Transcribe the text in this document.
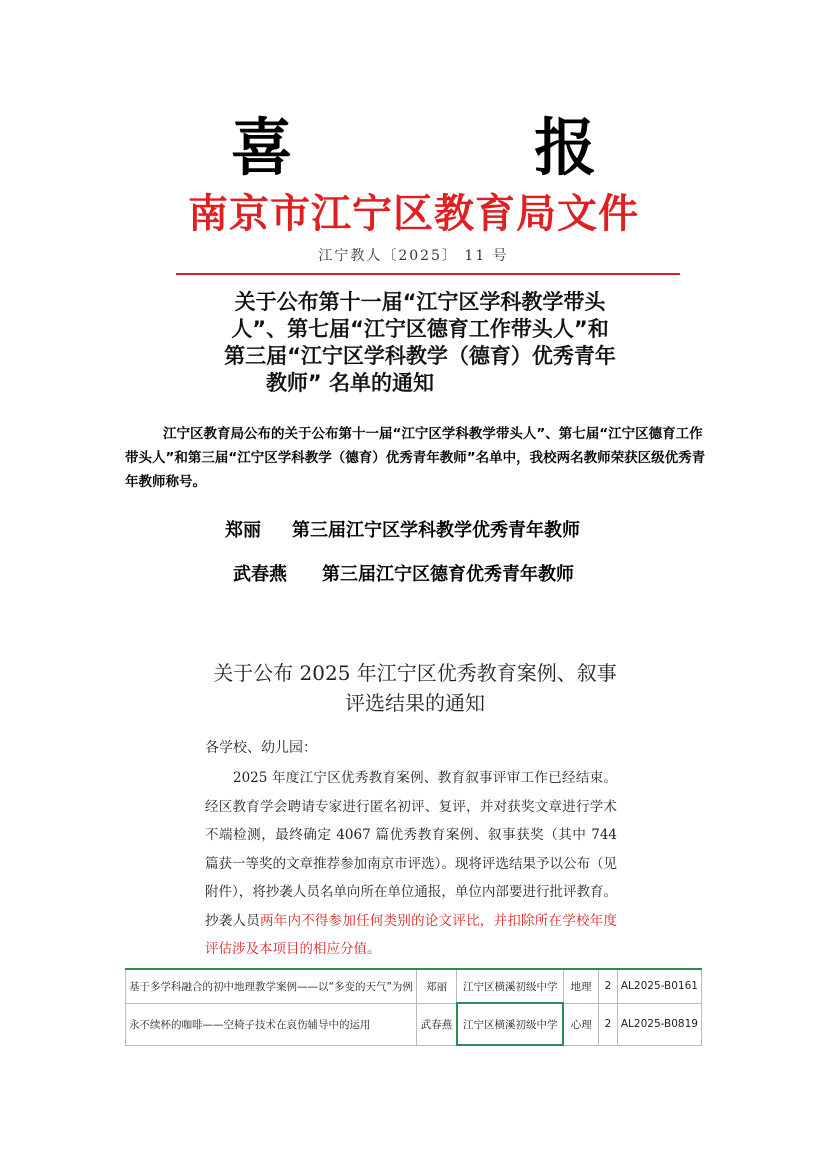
喜 报
南京市江宁区教育局文件
江宁教人〔2025〕 11 号
关于公布第十一届“江宁区学科教学带头
人”、第七届“江宁区德育工作带头人”和
第三届“江宁区学科教学（德育）优秀青年
教师” 名单的通知
江宁区教育局公布的关于公布第十一届“江宁区学科教学带头人”、第七届“江宁区德育工作带头人”和第三届“江宁区学科教学（德育）优秀青年教师”名单中，我校两名教师荣获区级优秀青年教师称号。
郑丽 第三届江宁区学科教学优秀青年教师
武春燕 第三届江宁区德育优秀青年教师
关于公布 2025 年江宁区优秀教育案例、叙事
评选结果的通知
各学校、幼儿园：
2025 年度江宁区优秀教育案例、教育叙事评审工作已经结束。经区教育学会聘请专家进行匿名初评、复评，并对获奖文章进行学术不端检测，最终确定 4067 篇优秀教育案例、叙事获奖（其中 744 篇获一等奖的文章推荐参加南京市评选）。现将评选结果予以公布（见附件），将抄袭人员名单向所在单位通报，单位内部要进行批评教育。抄袭人员两年内不得参加任何类别的论文评比，并扣除所在学校年度评估涉及本项目的相应分值。
基于多学科融合的初中地理教学案例——以“多变的天气”为例	郑丽	江宁区横溪初级中学	地理	2	AL2025-B0161
永不续杯的咖啡——空椅子技术在哀伤辅导中的运用	武春燕	江宁区横溪初级中学	心理	2	AL2025-B0819
